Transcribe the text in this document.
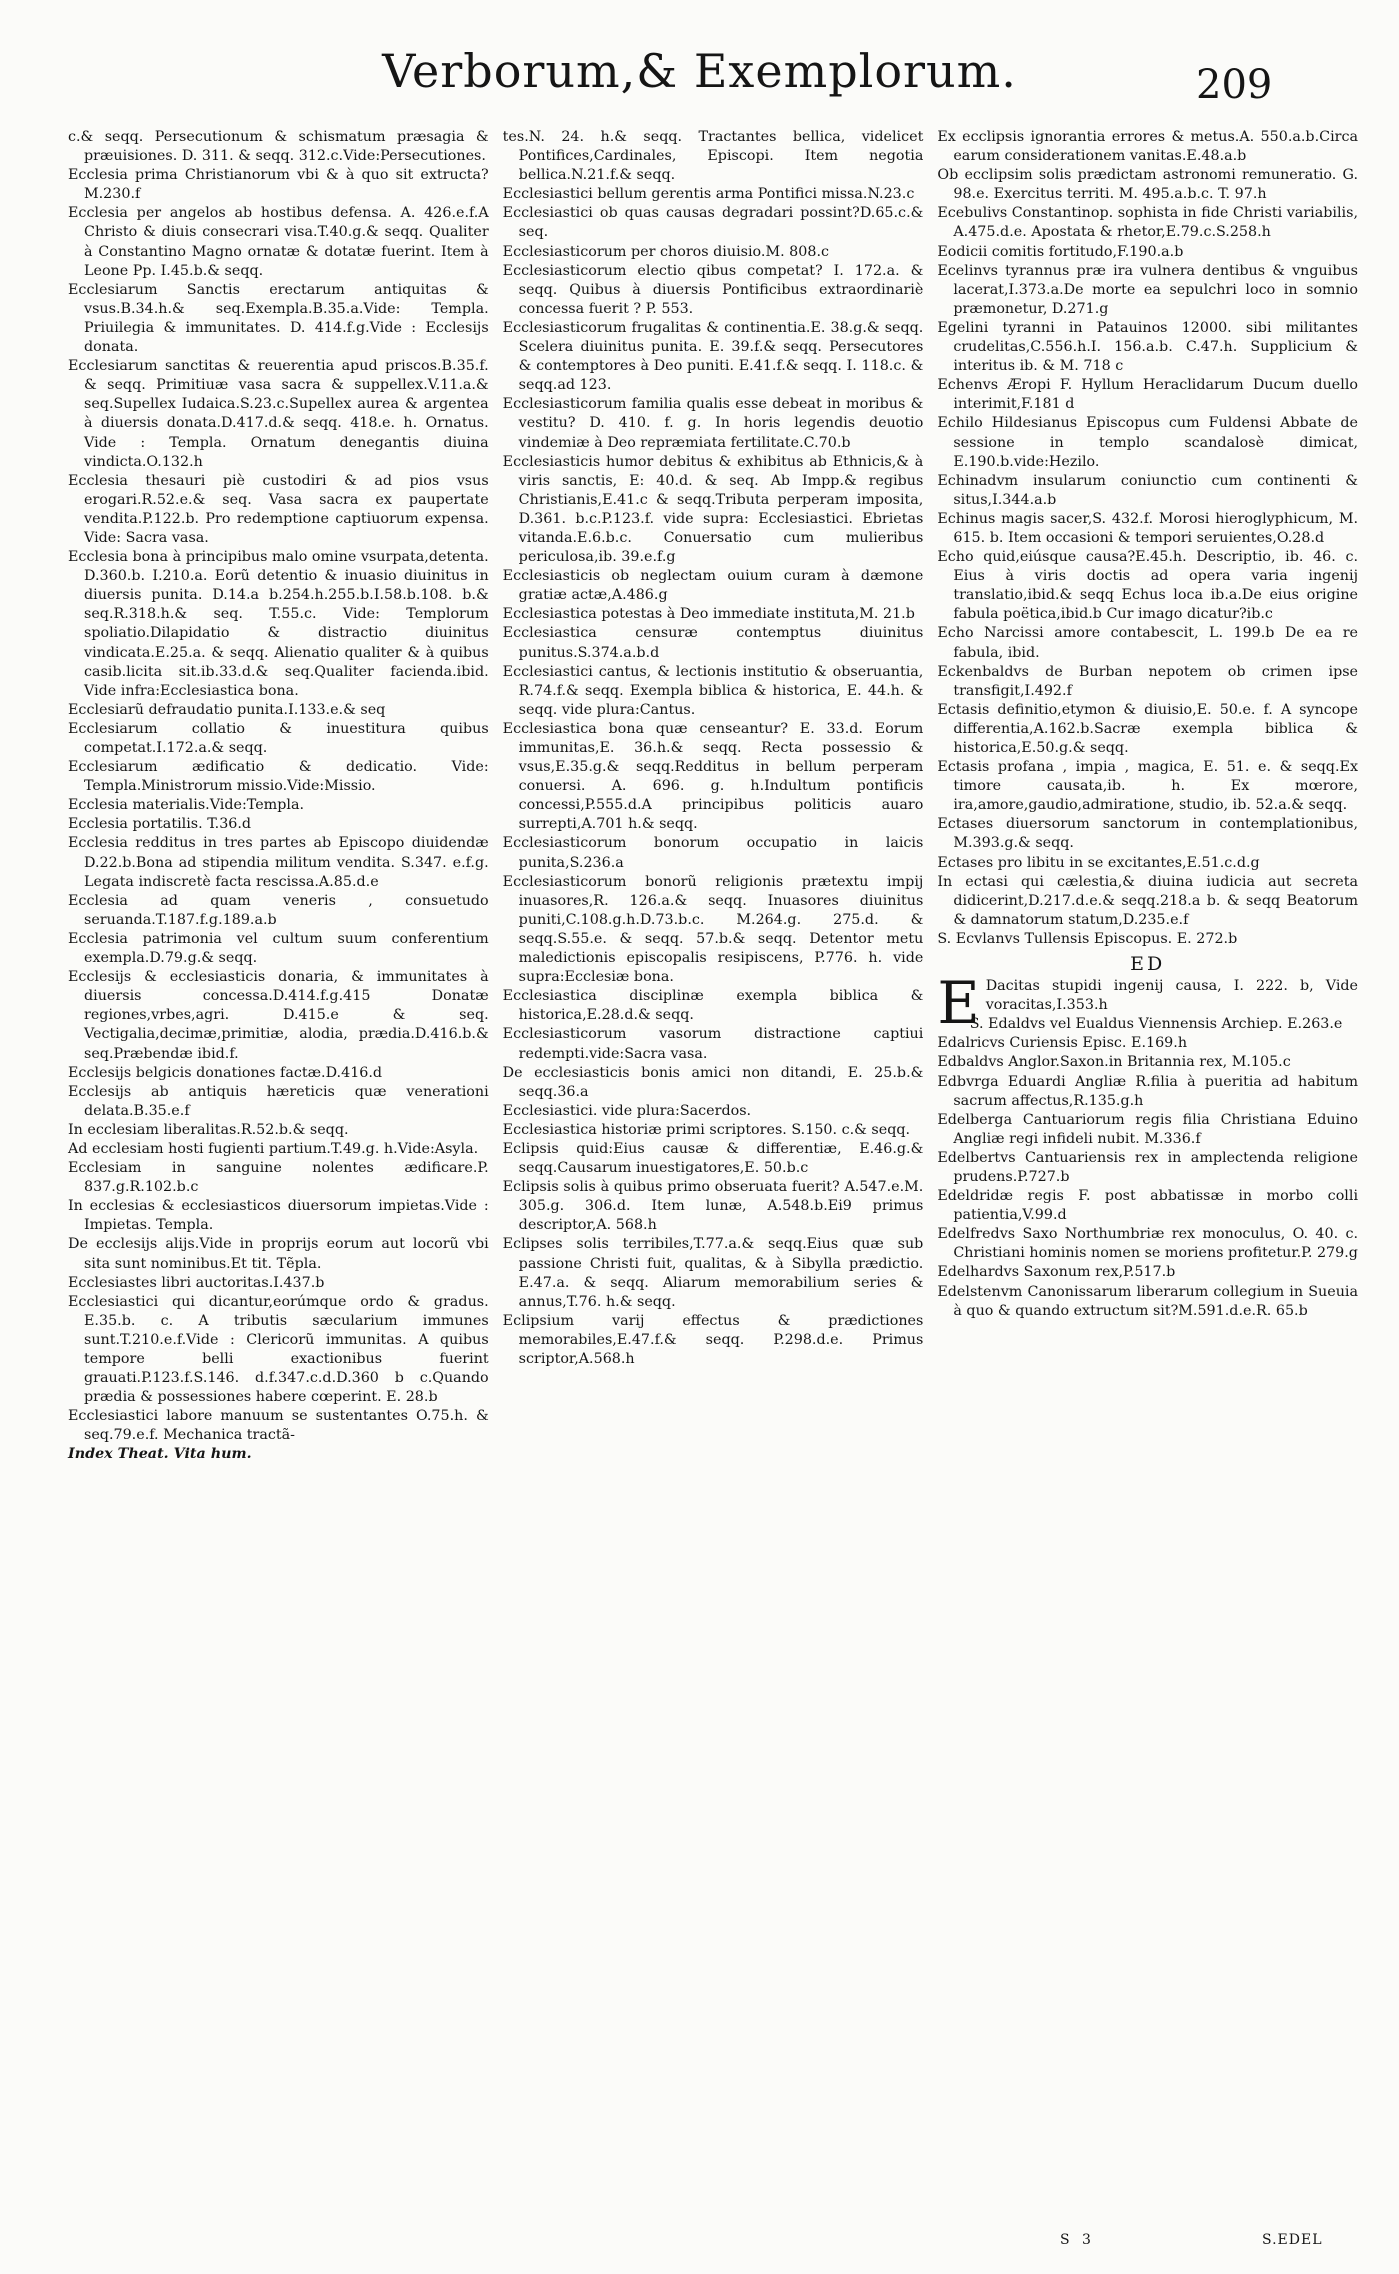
Verborum,& Exemplorum.	209

c.& seqq. Persecutionum & schismatum præsagia & præuisiones. D. 311. & seqq. 312.c.Vide:Persecutiones.

Ecclesia prima Christianorum vbi & à quo sit extructa?M.230.f

Ecclesia per angelos ab hostibus defensa. A. 426.e.f.A Christo & diuis consecrari visa.T.40.g.& seqq. Qualiter à Constantino Magno ornatæ & dotatæ fuerint. Item à Leone Pp. I.45.b.& seqq.

Ecclesiarum Sanctis erectarum antiquitas & vsus.B.34.h.& seq.Exempla.B.35.a.Vide: Templa. Priuilegia & immunitates. D. 414.f.g.Vide : Ecclesijs donata.

Ecclesiarum sanctitas & reuerentia apud priscos.B.35.f. & seqq. Primitiuæ vasa sacra & suppellex.V.11.a.& seq.Supellex Iudaica.S.23.c.Supellex aurea & argentea à diuersis donata.D.417.d.& seqq. 418.e. h. Ornatus. Vide : Templa. Ornatum denegantis diuina vindicta.O.132.h

Ecclesia thesauri piè custodiri & ad pios vsus erogari.R.52.e.& seq. Vasa sacra ex paupertate vendita.P.122.b. Pro redemptione captiuorum expensa. Vide: Sacra vasa.

Ecclesia bona à principibus malo omine vsurpata,detenta. D.360.b. I.210.a. Eorũ detentio & inuasio diuinitus in diuersis punita. D.14.a b.254.h.255.b.I.58.b.108. b.& seq.R.318.h.& seq. T.55.c. Vide: Templorum spoliatio.Dilapidatio & distractio diuinitus vindicata.E.25.a. & seqq. Alienatio qualiter & à quibus casib.licita sit.ib.33.d.& seq.Qualiter facienda.ibid. Vide infra:Ecclesiastica bona.

Ecclesiarũ defraudatio punita.I.133.e.& seq

Ecclesiarum collatio & inuestitura quibus competat.I.172.a.& seqq.

Ecclesiarum ædificatio & dedicatio. Vide: Templa.Ministrorum missio.Vide:Missio.

Ecclesia materialis.Vide:Templa.

Ecclesia portatilis. T.36.d

Ecclesia redditus in tres partes ab Episcopo diuidendæ D.22.b.Bona ad stipendia militum vendita. S.347. e.f.g. Legata indiscretè facta rescissa.A.85.d.e

Ecclesia ad quam veneris , consuetudo seruanda.T.187.f.g.189.a.b

Ecclesia patrimonia vel cultum suum conferentium exempla.D.79.g.& seqq.

Ecclesijs & ecclesiasticis donaria, & immunitates à diuersis concessa.D.414.f.g.415 Donatæ regiones,vrbes,agri. D.415.e & seq. Vectigalia,decimæ,primitiæ, alodia, prædia.D.416.b.& seq.Præbendæ ibid.f.

Ecclesijs belgicis donationes factæ.D.416.d

Ecclesijs ab antiquis hæreticis quæ venerationi delata.B.35.e.f

In ecclesiam liberalitas.R.52.b.& seqq.

Ad ecclesiam hosti fugienti partium.T.49.g. h.Vide:Asyla.

Ecclesiam in sanguine nolentes ædificare.P. 837.g.R.102.b.c

In ecclesias & ecclesiasticos diuersorum impietas.Vide : Impietas. Templa.

De ecclesijs alijs.Vide in proprijs eorum aut locorũ vbi sita sunt nominibus.Et tit. Tẽpla.

Ecclesiastes libri auctoritas.I.437.b

Ecclesiastici qui dicantur,eorúmque ordo & gradus. E.35.b. c. A tributis sæcularium immunes sunt.T.210.e.f.Vide : Clericorũ immunitas. A quibus tempore belli exactionibus fuerint grauati.P.123.f.S.146. d.f.347.c.d.D.360 b c.Quando prædia & possessiones habere cœperint. E. 28.b

Ecclesiastici labore manuum se sustentantes O.75.h. & seq.79.e.f. Mechanica tractã-

Index Theat. Vita hum.

tes.N. 24. h.& seqq. Tractantes bellica, videlicet Pontifices,Cardinales, Episcopi. Item negotia bellica.N.21.f.& seqq.

Ecclesiastici bellum gerentis arma Pontifici missa.N.23.c

Ecclesiastici ob quas causas degradari possint?D.65.c.& seq.

Ecclesiasticorum per choros diuisio.M. 808.c

Ecclesiasticorum electio qibus competat? I. 172.a. & seqq. Quibus à diuersis Pontificibus extraordinariè concessa fuerit ? P. 553.

Ecclesiasticorum frugalitas & continentia.E. 38.g.& seqq. Scelera diuinitus punita. E. 39.f.& seqq. Persecutores & contemptores à Deo puniti. E.41.f.& seqq. I. 118.c. & seqq.ad 123.

Ecclesiasticorum familia qualis esse debeat in moribus & vestitu? D. 410. f. g. In horis legendis deuotio vindemiæ à Deo repræmiata fertilitate.C.70.b

Ecclesiasticis humor debitus & exhibitus ab Ethnicis,& à viris sanctis, E: 40.d. & seq. Ab Impp.& regibus Christianis,E.41.c & seqq.Tributa perperam imposita, D.361. b.c.P.123.f. vide supra: Ecclesiastici. Ebrietas vitanda.E.6.b.c. Conuersatio cum mulieribus periculosa,ib. 39.e.f.g

Ecclesiasticis ob neglectam ouium curam à dæmone gratiæ actæ,A.486.g

Ecclesiastica potestas à Deo immediate instituta,M. 21.b

Ecclesiastica censuræ contemptus diuinitus punitus.S.374.a.b.d

Ecclesiastici cantus, & lectionis institutio & obseruantia, R.74.f.& seqq. Exempla biblica & historica, E. 44.h. & seqq. vide plura:Cantus.

Ecclesiastica bona quæ censeantur? E. 33.d. Eorum immunitas,E. 36.h.& seqq. Recta possessio & vsus,E.35.g.& seqq.Redditus in bellum perperam conuersi. A. 696. g. h.Indultum pontificis concessi,P.555.d.A principibus politicis auaro surrepti,A.701 h.& seqq.

Ecclesiasticorum bonorum occupatio in laicis punita,S.236.a

Ecclesiasticorum bonorũ religionis prætextu impij inuasores,R. 126.a.& seqq. Inuasores diuinitus puniti,C.108.g.h.D.73.b.c. M.264.g. 275.d. & seqq.S.55.e. & seqq. 57.b.& seqq. Detentor metu maledictionis episcopalis resipiscens, P.776. h. vide supra:Ecclesiæ bona.

Ecclesiastica disciplinæ exempla biblica & historica,E.28.d.& seqq.

Ecclesiasticorum vasorum distractione captiui redempti.vide:Sacra vasa.

De ecclesiasticis bonis amici non ditandi, E. 25.b.& seqq.36.a

Ecclesiastici. vide plura:Sacerdos.

Ecclesiastica historiæ primi scriptores. S.150. c.& seqq.

Eclipsis quid:Eius causæ & differentiæ, E.46.g.& seqq.Causarum inuestigatores,E. 50.b.c

Eclipsis solis à quibus primo obseruata fuerit? A.547.e.M. 305.g. 306.d. Item lunæ, A.548.b.Ei9 primus descriptor,A. 568.h

Eclipses solis terribiles,T.77.a.& seqq.Eius quæ sub passione Christi fuit, qualitas, & à Sibylla prædictio. E.47.a. & seqq. Aliarum memorabilium series & annus,T.76. h.& seqq.

Eclipsium varij effectus & prædictiones memorabiles,E.47.f.& seqq. P.298.d.e. Primus scriptor,A.568.h

Ex ecclipsis ignorantia errores & metus.A. 550.a.b.Circa earum considerationem vanitas.E.48.a.b

Ob ecclipsim solis prædictam astronomi remuneratio. G. 98.e. Exercitus territi. M. 495.a.b.c. T. 97.h

Ecebulivs Constantinop. sophista in fide Christi variabilis, A.475.d.e. Apostata & rhetor,E.79.c.S.258.h

Eodicii comitis fortitudo,F.190.a.b

Ecelinvs tyrannus præ ira vulnera dentibus & vnguibus lacerat,I.373.a.De morte ea sepulchri loco in somnio præmonetur, D.271.g

Egelini tyranni in Patauinos 12000. sibi militantes crudelitas,C.556.h.I. 156.a.b. C.47.h. Supplicium & interitus ib. & M. 718 c

Echenvs Æropi F. Hyllum Heraclidarum Ducum duello interimit,F.181 d

Echilo Hildesianus Episcopus cum Fuldensi Abbate de sessione in templo scandalosè dimicat, E.190.b.vide:Hezilo.

Echinadvm insularum coniunctio cum continenti & situs,I.344.a.b

Echinus magis sacer,S. 432.f. Morosi hieroglyphicum, M. 615. b. Item occasioni & tempori seruientes,O.28.d

Echo quid,eiúsque causa?E.45.h. Descriptio, ib. 46. c. Eius à viris doctis ad opera varia ingenij translatio,ibid.& seqq Echus loca ib.a.De eius origine fabula poëtica,ibid.b Cur imago dicatur?ib.c

Echo Narcissi amore contabescit, L. 199.b De ea re fabula, ibid.

Eckenbaldvs de Burban nepotem ob crimen ipse transfigit,I.492.f

Ectasis definitio,etymon & diuisio,E. 50.e. f. A syncope differentia,A.162.b.Sacræ exempla biblica & historica,E.50.g.& seqq.

Ectasis profana , impia , magica, E. 51. e. & seqq.Ex timore causata,ib. h. Ex mœrore, ira,amore,gaudio,admiratione, studio, ib. 52.a.& seqq.

Ectases diuersorum sanctorum in contemplationibus, M.393.g.& seqq.

Ectases pro libitu in se excitantes,E.51.c.d.g

In ectasi qui cælestia,& diuina iudicia aut secreta didicerint,D.217.d.e.& seqq.218.a b. & seqq Beatorum & damnatorum statum,D.235.e.f

S. Ecvlanvs Tullensis Episcopus. E. 272.b

ED

E Dacitas stupidi ingenij causa, I. 222. b, Vide voracitas,I.353.h

S. Edaldvs vel Eualdus Viennensis Archiep. E.263.e

Edalricvs Curiensis Episc. E.169.h

Edbaldvs Anglor.Saxon.in Britannia rex, M.105.c

Edbvrga Eduardi Angliæ R.filia à pueritia ad habitum sacrum affectus,R.135.g.h

Edelberga Cantuariorum regis filia Christiana Eduino Angliæ regi infideli nubit. M.336.f

Edelbertvs Cantuariensis rex in amplectenda religione prudens.P.727.b

Edeldridæ regis F. post abbatissæ in morbo colli patientia,V.99.d

Edelfredvs Saxo Northumbriæ rex monoculus, O. 40. c. Christiani hominis nomen se moriens profitetur.P. 279.g

Edelhardvs Saxonum rex,P.517.b

Edelstenvm Canonissarum liberarum collegium in Sueuia à quo & quando extructum sit?M.591.d.e.R. 65.b

S 3	S.EDEL
